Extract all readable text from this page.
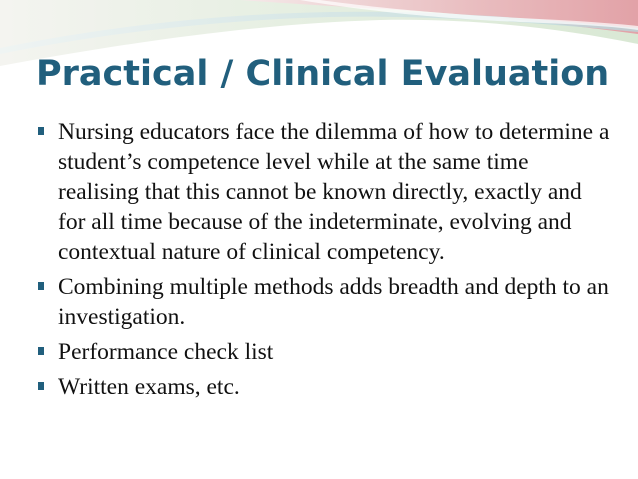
Practical / Clinical Evaluation
Nursing educators face the dilemma of how to determine a student’s competence level while at the same time realising that this cannot be known directly, exactly and for all time because of the indeterminate, evolving and contextual nature of clinical competency.
Combining multiple methods adds breadth and depth to an investigation.
Performance check list
Written exams, etc.
